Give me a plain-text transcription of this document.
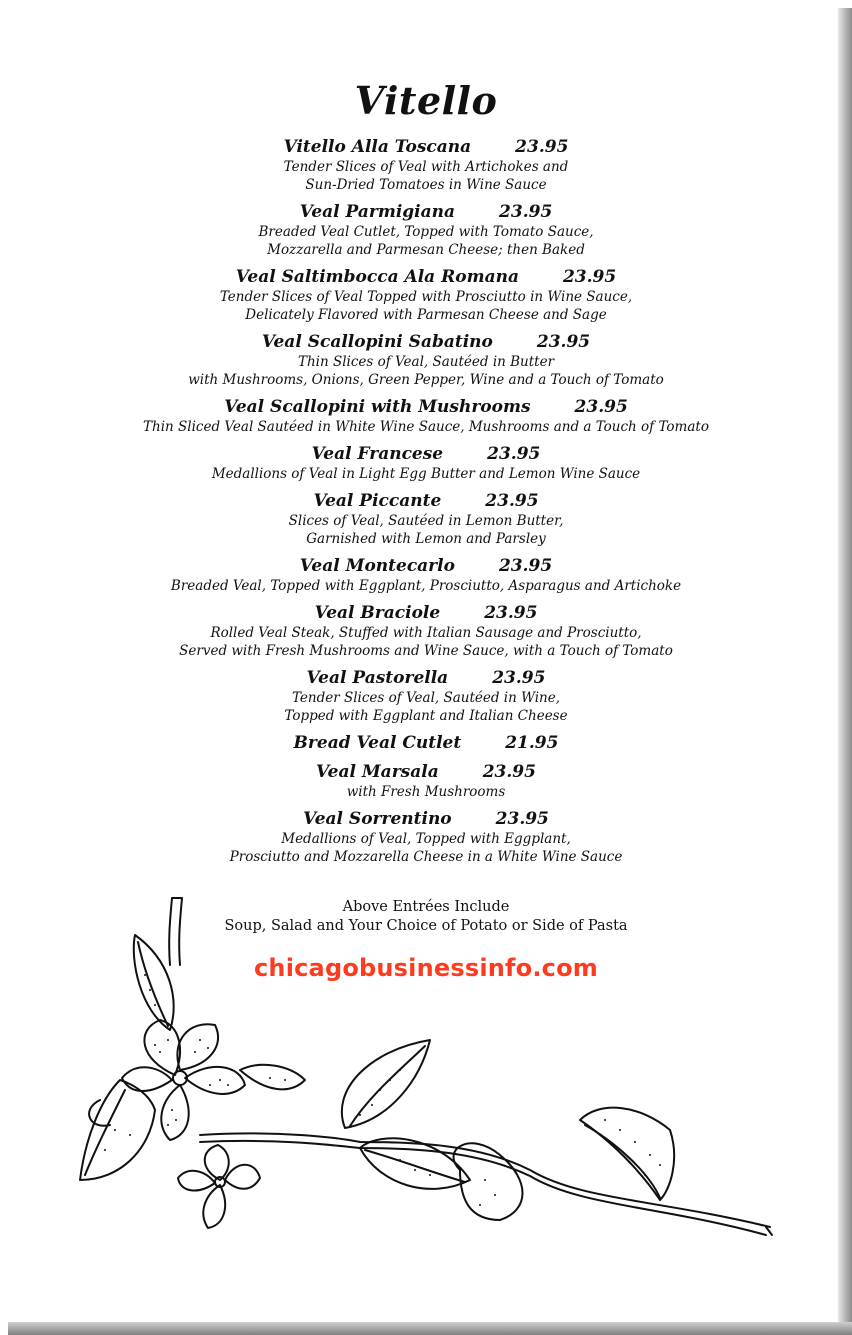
Vitello
Vitello Alla Toscana	23.95
Tender Slices of Veal with Artichokes and
Sun-Dried Tomatoes in Wine Sauce
Veal Parmigiana	23.95
Breaded Veal Cutlet, Topped with Tomato Sauce,
Mozzarella and Parmesan Cheese; then Baked
Veal Saltimbocca Ala Romana	23.95
Tender Slices of Veal Topped with Prosciutto in Wine Sauce,
Delicately Flavored with Parmesan Cheese and Sage
Veal Scallopini Sabatino	23.95
Thin Slices of Veal, Sautéed in Butter
with Mushrooms, Onions, Green Pepper, Wine and a Touch of Tomato
Veal Scallopini with Mushrooms	23.95
Thin Sliced Veal Sautéed in White Wine Sauce, Mushrooms and a Touch of Tomato
Veal Francese	23.95
Medallions of Veal in Light Egg Butter and Lemon Wine Sauce
Veal Piccante	23.95
Slices of Veal, Sautéed in Lemon Butter,
Garnished with Lemon and Parsley
Veal Montecarlo	23.95
Breaded Veal, Topped with Eggplant, Prosciutto, Asparagus and Artichoke
Veal Braciole	23.95
Rolled Veal Steak, Stuffed with Italian Sausage and Prosciutto,
Served with Fresh Mushrooms and Wine Sauce, with a Touch of Tomato
Veal Pastorella	23.95
Tender Slices of Veal, Sautéed in Wine,
Topped with Eggplant and Italian Cheese
Bread Veal Cutlet	21.95
Veal Marsala	23.95
with Fresh Mushrooms
Veal Sorrentino	23.95
Medallions of Veal, Topped with Eggplant,
Prosciutto and Mozzarella Cheese in a White Wine Sauce
Above Entrées Include
Soup, Salad and Your Choice of Potato or Side of Pasta
chicagobusinessinfo.com
